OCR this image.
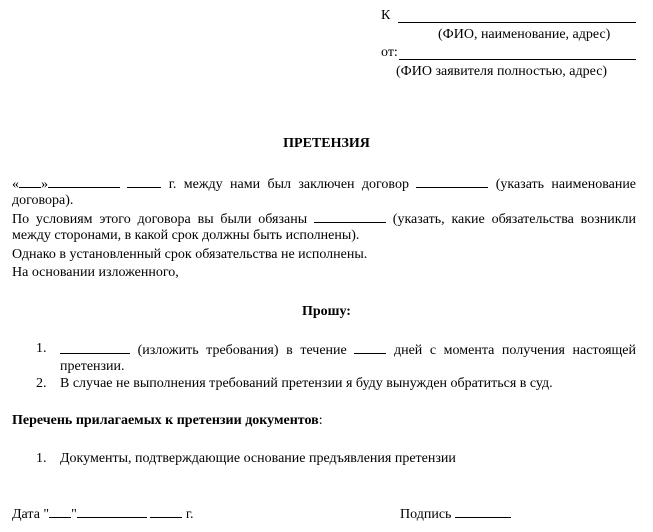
К
(ФИО, наименование, адрес)
от:
(ФИО заявителя полностью, адрес)
ПРЕТЕНЗИЯ
« »	г. между нами был заключен договор	(указать наименование договора).
По условиям этого договора вы были обязаны	(указать, какие обязательства возникли между сторонами, в какой срок должны быть исполнены).
Однако в установленный срок обязательства не исполнены.
На основании изложенного,
Прошу:
1.	(изложить требования) в течение	дней с момента получения настоящей претензии.
2. В случае не выполнения требований претензии я буду вынужден обратиться в суд.
Перечень прилагаемых к претензии документов:
1. Документы, подтверждающие основание предъявления претензии
Дата " "	г.	Подпись
